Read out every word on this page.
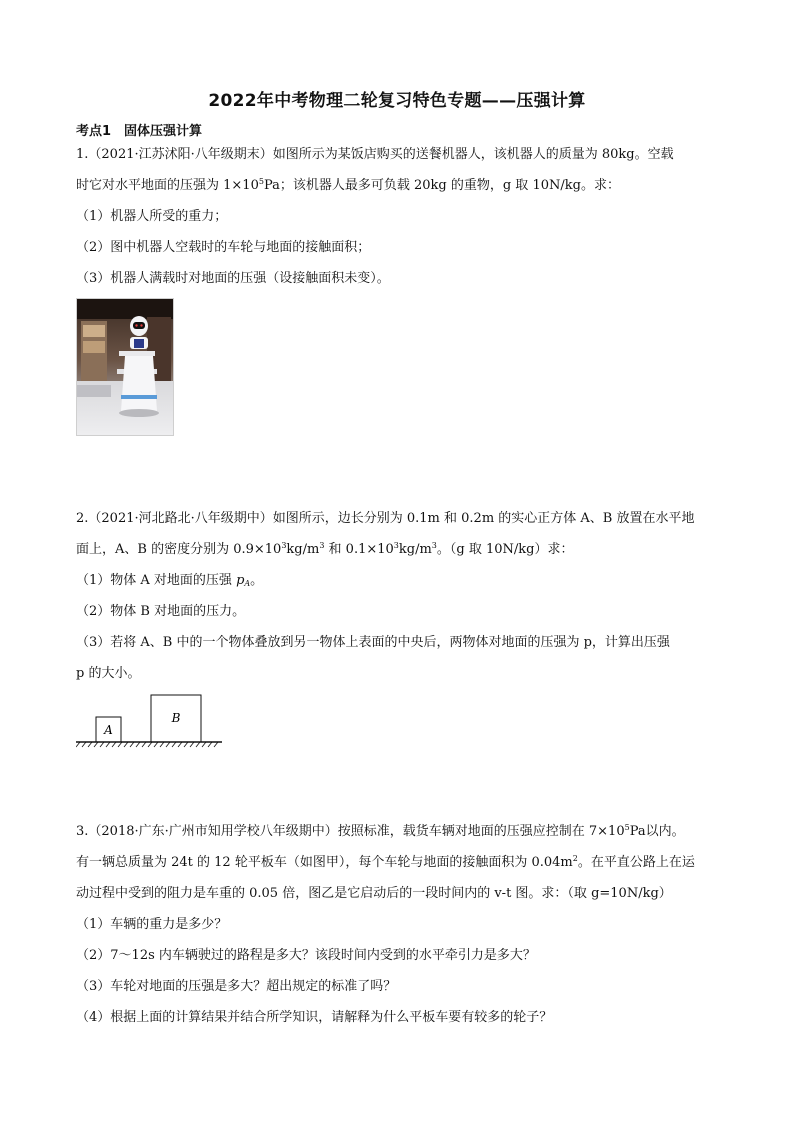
2022年中考物理二轮复习特色专题——压强计算
考点1　固体压强计算
1.（2021·江苏沭阳·八年级期末）如图所示为某饭店购买的送餐机器人，该机器人的质量为 80kg。空载
时它对水平地面的压强为 $1\times 10^5Pa$；该机器人最多可负载 20kg 的重物，g 取 10N/kg。求：
（1）机器人所受的重力；
（2）图中机器人空载时的车轮与地面的接触面积；
（3）机器人满载时对地面的压强（设接触面积未变）。
2.（2021·河北路北·八年级期中）如图所示，边长分别为 0.1m 和 0.2m 的实心正方体 A、B 放置在水平地
面上，A、B 的密度分别为 $0.9\times 10^3kg/m^3$ 和 $0.1\times 10^3kg/m^3$。（g 取 10N/kg）求：
（1）物体 A 对地面的压强 $p_A$。
（2）物体 B 对地面的压力。
（3）若将 A、B 中的一个物体叠放到另一物体上表面的中央后，两物体对地面的压强为 p，计算出压强
p 的大小。
A
B
3.（2018·广东·广州市知用学校八年级期中）按照标准，载货车辆对地面的压强应控制在 $7\times 10^5Pa$以内。
有一辆总质量为 24t 的 12 轮平板车（如图甲），每个车轮与地面的接触面积为 $0.04m^2$。在平直公路上在运
动过程中受到的阻力是车重的 0.05 倍，图乙是它启动后的一段时间内的 v-t 图。求：（取 g=10N/kg）
（1）车辆的重力是多少？
（2）7～12s 内车辆驶过的路程是多大？该段时间内受到的水平牵引力是多大？
（3）车轮对地面的压强是多大？超出规定的标准了吗？
（4）根据上面的计算结果并结合所学知识，请解释为什么平板车要有较多的轮子？
